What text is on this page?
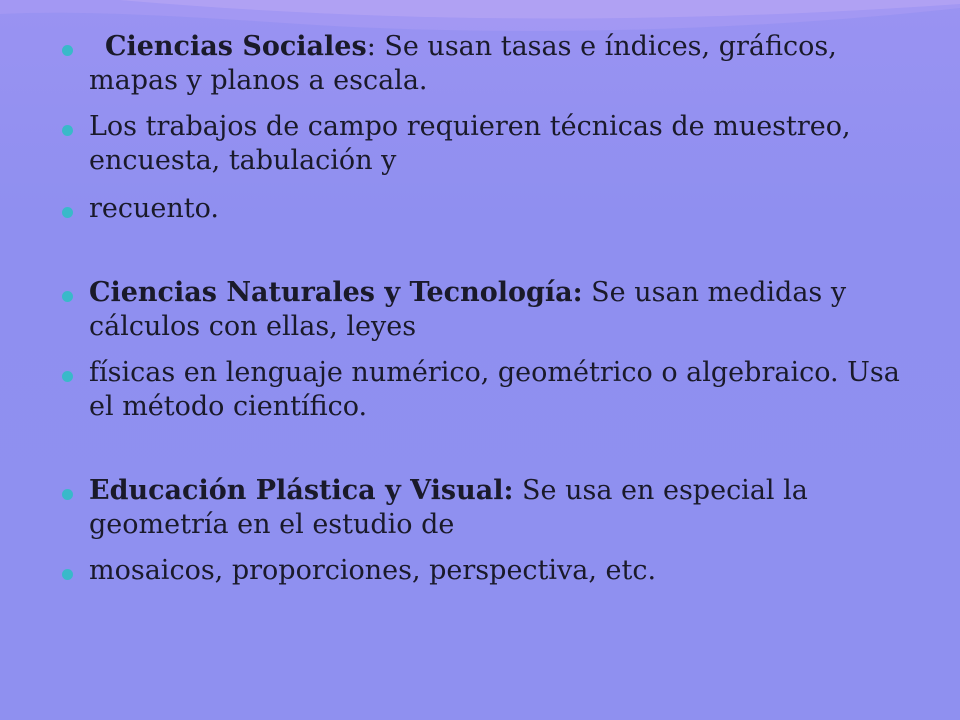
Ciencias Sociales: Se usan tasas e índices, gráficos, mapas y planos a escala.
Los trabajos de campo requieren técnicas de muestreo, encuesta, tabulación y
recuento.
Ciencias Naturales y Tecnología: Se usan medidas y cálculos con ellas, leyes
físicas en lenguaje numérico, geométrico o algebraico. Usa el método científico.
Educación Plástica y Visual: Se usa en especial la geometría en el estudio de
mosaicos, proporciones, perspectiva, etc.
